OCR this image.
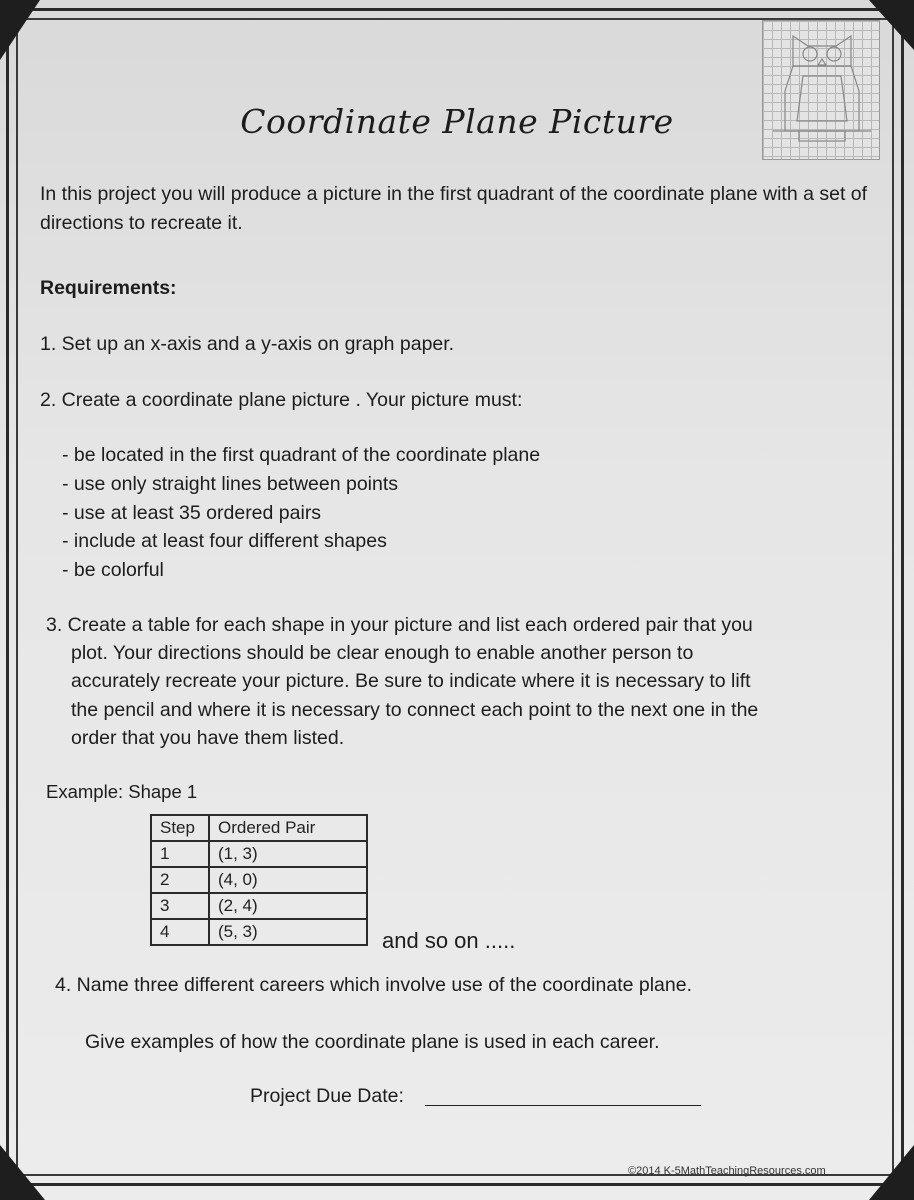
Coordinate Plane Picture
In this project you will produce a picture in the first quadrant of the coordinate plane with a set of directions to recreate it.
Requirements:
1. Set up an x-axis and a y-axis on graph paper.
2. Create a coordinate plane picture . Your picture must:
- be located in the first quadrant of the coordinate plane
- use only straight lines between points
- use at least 35 ordered pairs
- include at least four different shapes
- be colorful
3. Create a table for each shape in your picture and list each ordered pair that you
plot. Your directions should be clear enough to enable another person to
accurately recreate your picture. Be sure to indicate where it is necessary to lift
the pencil and where it is necessary to connect each point to the next one in the
order that you have them listed.
Example: Shape 1
Step	Ordered Pair
1	(1, 3)
2	(4, 0)
3	(2, 4)
4	(5, 3)	and so on .....
4. Name three different careers which involve use of the coordinate plane.
Give examples of how the coordinate plane is used in each career.
Project Due Date:
©2014 K-5MathTeachingResources.com
